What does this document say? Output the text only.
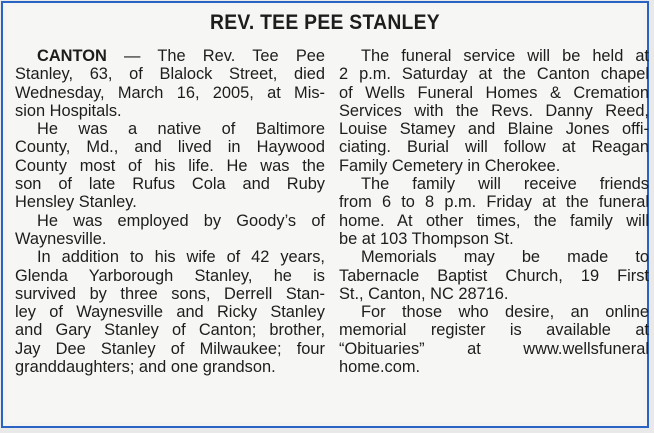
REV. TEE PEE STANLEY
CANTON — The Rev. Tee Pee
Stanley, 63, of Blalock Street, died
Wednesday, March 16, 2005, at Mis-
sion Hospitals.
He was a native of Baltimore
County, Md., and lived in Haywood
County most of his life. He was the
son of late Rufus Cola and Ruby
Hensley Stanley.
He was employed by Goody’s of
Waynesville.
In addition to his wife of 42 years,
Glenda Yarborough Stanley, he is
survived by three sons, Derrell Stan-
ley of Waynesville and Ricky Stanley
and Gary Stanley of Canton; brother,
Jay Dee Stanley of Milwaukee; four
granddaughters; and one grandson.
The funeral service will be held at
2 p.m. Saturday at the Canton chapel
of Wells Funeral Homes & Cremation
Services with the Revs. Danny Reed,
Louise Stamey and Blaine Jones offi-
ciating. Burial will follow at Reagan
Family Cemetery in Cherokee.
The family will receive friends
from 6 to 8 p.m. Friday at the funeral
home. At other times, the family will
be at 103 Thompson St.
Memorials may be made to
Tabernacle Baptist Church, 19 First
St., Canton, NC 28716.
For those who desire, an online
memorial register is available at
“Obituaries” at www.wellsfuneral
home.com.
